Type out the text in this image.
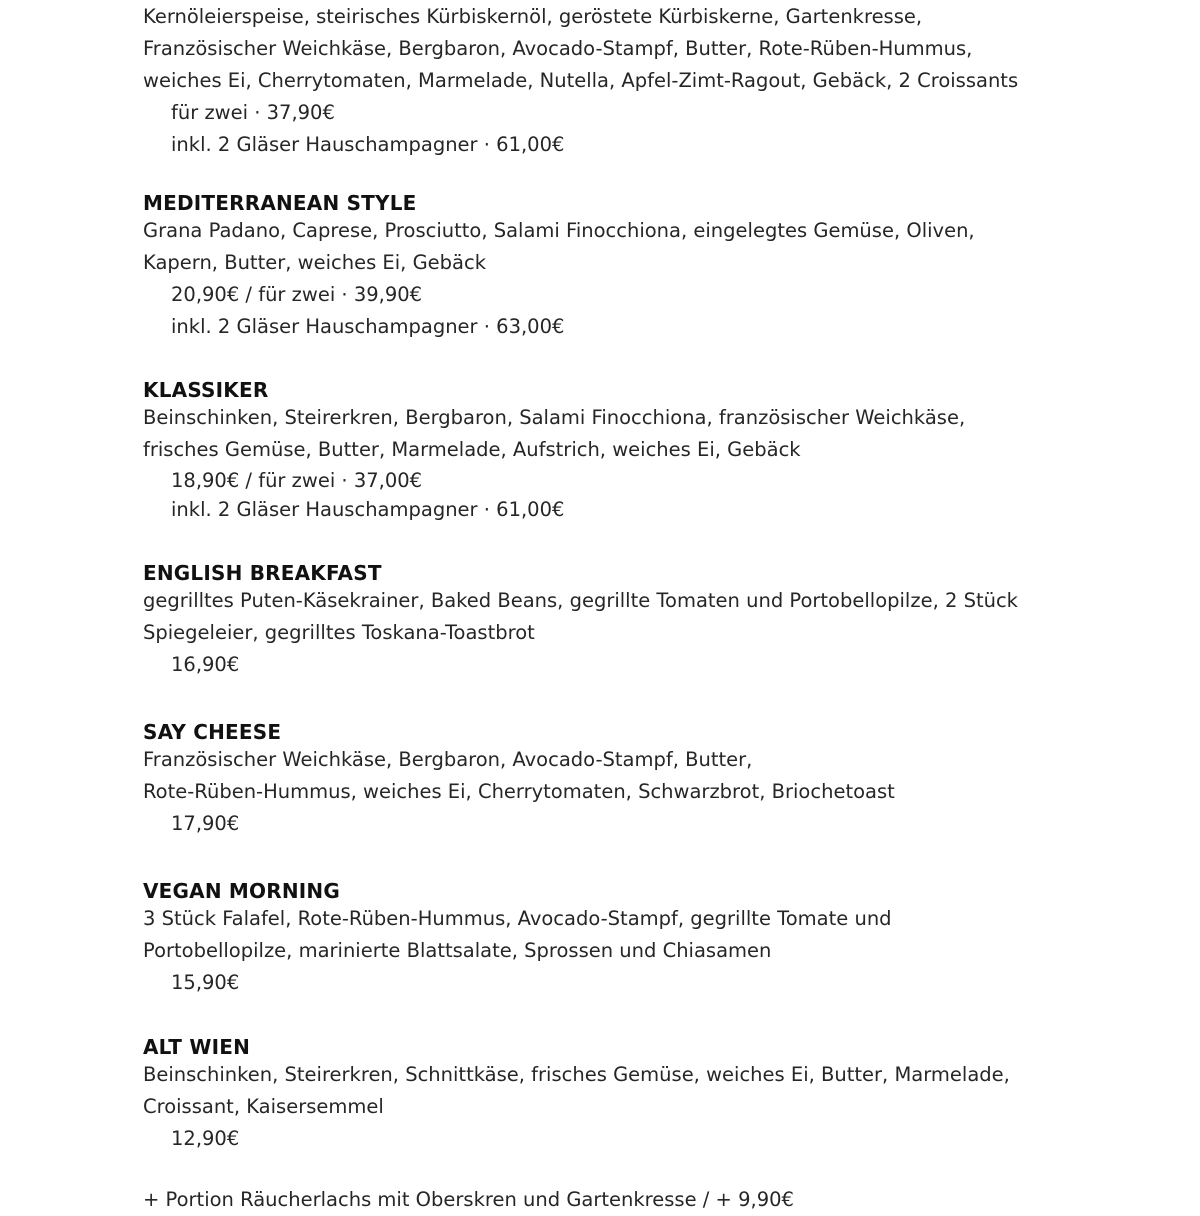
Kernöleierspeise, steirisches Kürbiskernöl, geröstete Kürbiskerne, Gartenkresse,
Französischer Weichkäse, Bergbaron, Avocado-Stampf, Butter, Rote-Rüben-Hummus,
weiches Ei, Cherrytomaten, Marmelade, Nutella, Apfel-Zimt-Ragout, Gebäck, 2 Croissants
für zwei · 37,90€
inkl. 2 Gläser Hauschampagner · 61,00€
MEDITERRANEAN STYLE
Grana Padano, Caprese, Prosciutto, Salami Finocchiona, eingelegtes Gemüse, Oliven,
Kapern, Butter, weiches Ei, Gebäck
20,90€ / für zwei · 39,90€
inkl. 2 Gläser Hauschampagner · 63,00€
KLASSIKER
Beinschinken, Steirerkren, Bergbaron, Salami Finocchiona, französischer Weichkäse,
frisches Gemüse, Butter, Marmelade, Aufstrich, weiches Ei, Gebäck
18,90€ / für zwei · 37,00€
inkl. 2 Gläser Hauschampagner · 61,00€
ENGLISH BREAKFAST
gegrilltes Puten-Käsekrainer, Baked Beans, gegrillte Tomaten und Portobellopilze, 2 Stück
Spiegeleier, gegrilltes Toskana-Toastbrot
16,90€
SAY CHEESE
Französischer Weichkäse, Bergbaron, Avocado-Stampf, Butter,
Rote-Rüben-Hummus, weiches Ei, Cherrytomaten, Schwarzbrot, Briochetoast
17,90€
VEGAN MORNING
3 Stück Falafel, Rote-Rüben-Hummus, Avocado-Stampf, gegrillte Tomate und
Portobellopilze, marinierte Blattsalate, Sprossen und Chiasamen
15,90€
ALT WIEN
Beinschinken, Steirerkren, Schnittkäse, frisches Gemüse, weiches Ei, Butter, Marmelade,
Croissant, Kaisersemmel
12,90€
+ Portion Räucherlachs mit Oberskren und Gartenkresse / + 9,90€
